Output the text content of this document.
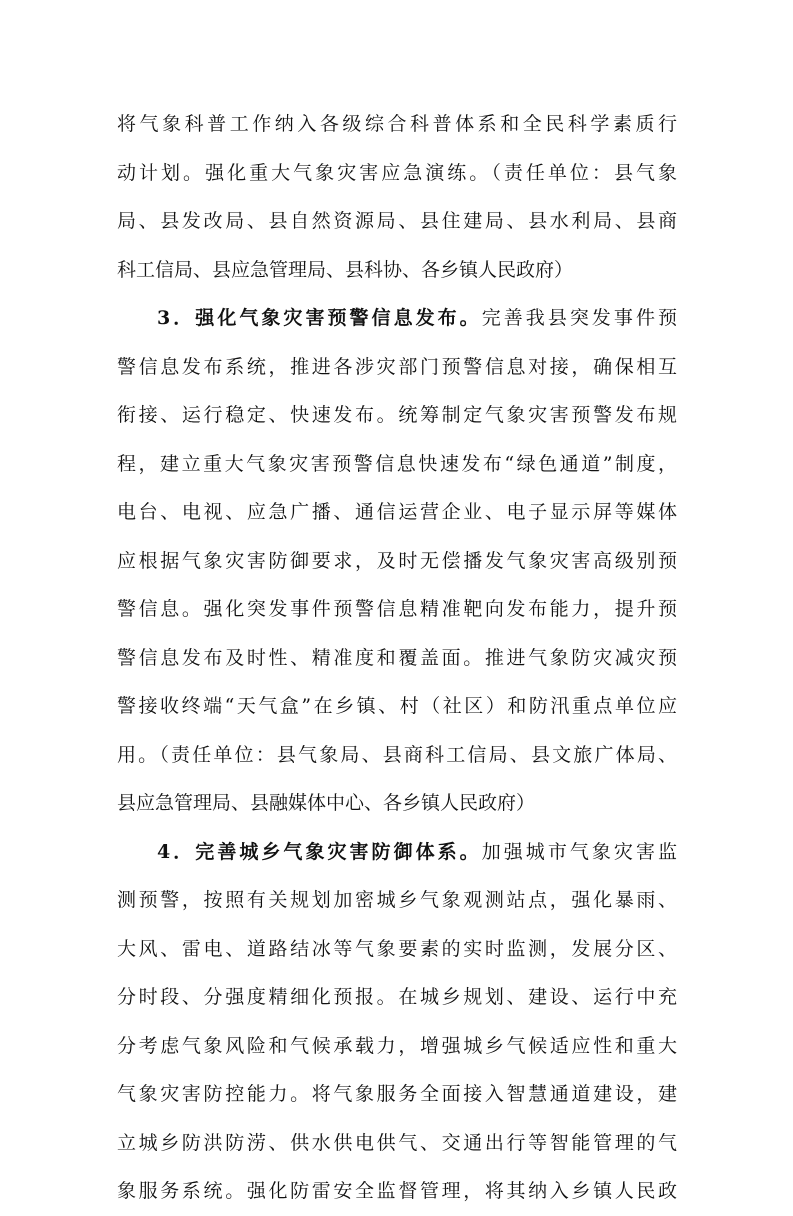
将气象科普工作纳入各级综合科普体系和全民科学素质行
动计划。强化重大气象灾害应急演练。（责任单位：县气象
局、县发改局、县自然资源局、县住建局、县水利局、县商
科工信局、县应急管理局、县科协、各乡镇人民政府）
3．强化气象灾害预警信息发布。完善我县突发事件预
警信息发布系统，推进各涉灾部门预警信息对接，确保相互
衔接、运行稳定、快速发布。统筹制定气象灾害预警发布规
程，建立重大气象灾害预警信息快速发布“绿色通道”制度，
电台、电视、应急广播、通信运营企业、电子显示屏等媒体
应根据气象灾害防御要求，及时无偿播发气象灾害高级别预
警信息。强化突发事件预警信息精准靶向发布能力，提升预
警信息发布及时性、精准度和覆盖面。推进气象防灾减灾预
警接收终端“天气盒”在乡镇、村（社区）和防汛重点单位应
用。（责任单位：县气象局、县商科工信局、县文旅广体局、
县应急管理局、县融媒体中心、各乡镇人民政府）
4．完善城乡气象灾害防御体系。加强城市气象灾害监
测预警，按照有关规划加密城乡气象观测站点，强化暴雨、
大风、雷电、道路结冰等气象要素的实时监测，发展分区、
分时段、分强度精细化预报。在城乡规划、建设、运行中充
分考虑气象风险和气候承载力，增强城乡气候适应性和重大
气象灾害防控能力。将气象服务全面接入智慧通道建设，建
立城乡防洪防涝、供水供电供气、交通出行等智能管理的气
象服务系统。强化防雷安全监督管理，将其纳入乡镇人民政
